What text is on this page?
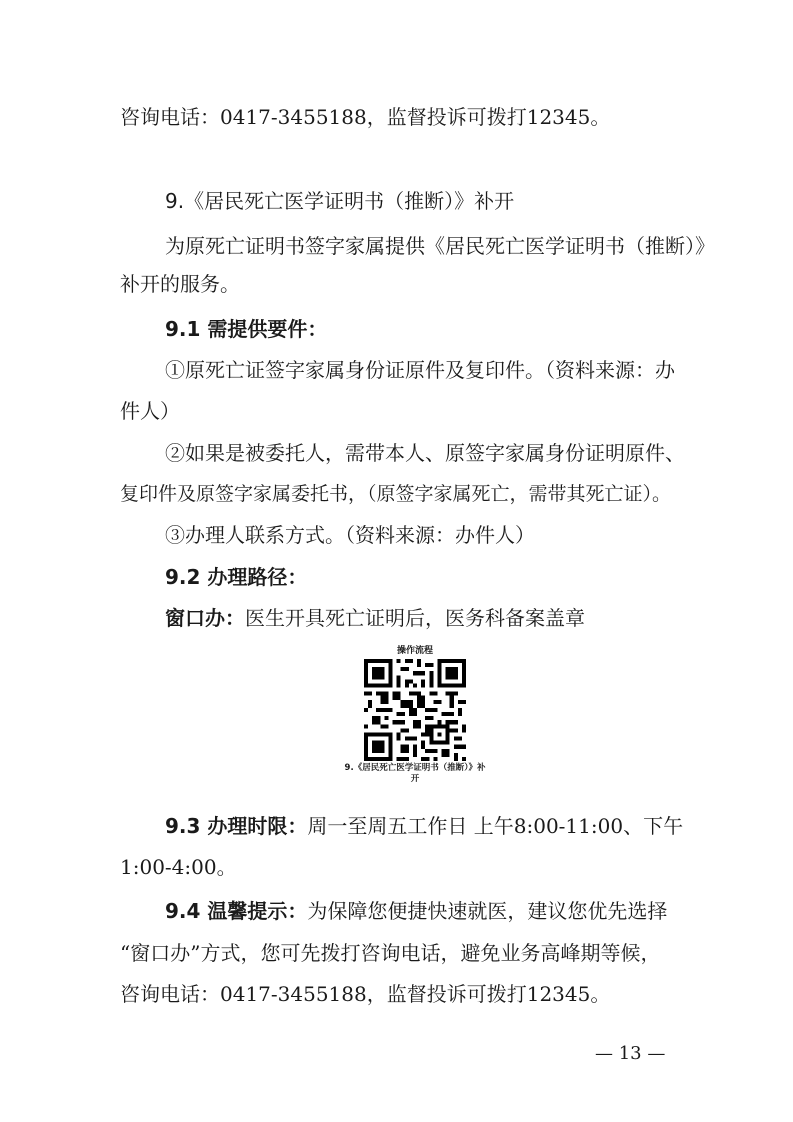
咨询电话：0417-3455188，监督投诉可拨打12345。
9.《居民死亡医学证明书（推断）》补开
为原死亡证明书签字家属提供《居民死亡医学证明书（推断）》
补开的服务。
9.1 需提供要件：
①原死亡证签字家属身份证原件及复印件。（资料来源：办
件人）
②如果是被委托人，需带本人、原签字家属身份证明原件、
复印件及原签字家属委托书，（原签字家属死亡，需带其死亡证）。
③办理人联系方式。（资料来源：办件人）
9.2 办理路径：
窗口办：医生开具死亡证明后，医务科备案盖章
操作流程
9.《居民死亡医学证明书（推断）》补
开
9.3 办理时限：周一至周五工作日 上午8:00-11:00、下午
1:00-4:00。
9.4 温馨提示：为保障您便捷快速就医，建议您优先选择
“窗口办”方式，您可先拨打咨询电话，避免业务高峰期等候，
咨询电话：0417-3455188，监督投诉可拨打12345。
— 13 —
